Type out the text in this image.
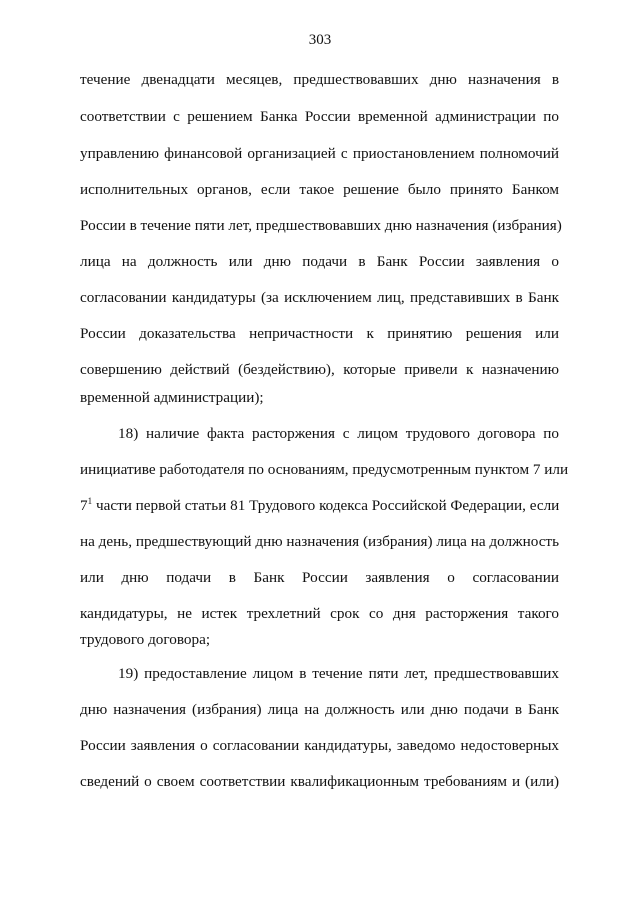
303
течение двенадцати месяцев, предшествовавших дню назначения в
соответствии с решением Банка России временной администрации по
управлению финансовой организацией с приостановлением полномочий
исполнительных органов, если такое решение было принято Банком
России в течение пяти лет, предшествовавших дню назначения (избрания)
лица на должность или дню подачи в Банк России заявления о
согласовании кандидатуры (за исключением лиц, представивших в Банк
России доказательства непричастности к принятию решения или
совершению действий (бездействию), которые привели к назначению
временной администрации);
18) наличие факта расторжения с лицом трудового договора по
инициативе работодателя по основаниям, предусмотренным пунктом 7 или
$7^1$ части первой статьи 81 Трудового кодекса Российской Федерации, если
на день, предшествующий дню назначения (избрания) лица на должность
или дню подачи в Банк России заявления о согласовании
кандидатуры, не истек трехлетний срок со дня расторжения такого
трудового договора;
19) предоставление лицом в течение пяти лет, предшествовавших
дню назначения (избрания) лица на должность или дню подачи в Банк
России заявления о согласовании кандидатуры, заведомо недостоверных
сведений о своем соответствии квалификационным требованиям и (или)
